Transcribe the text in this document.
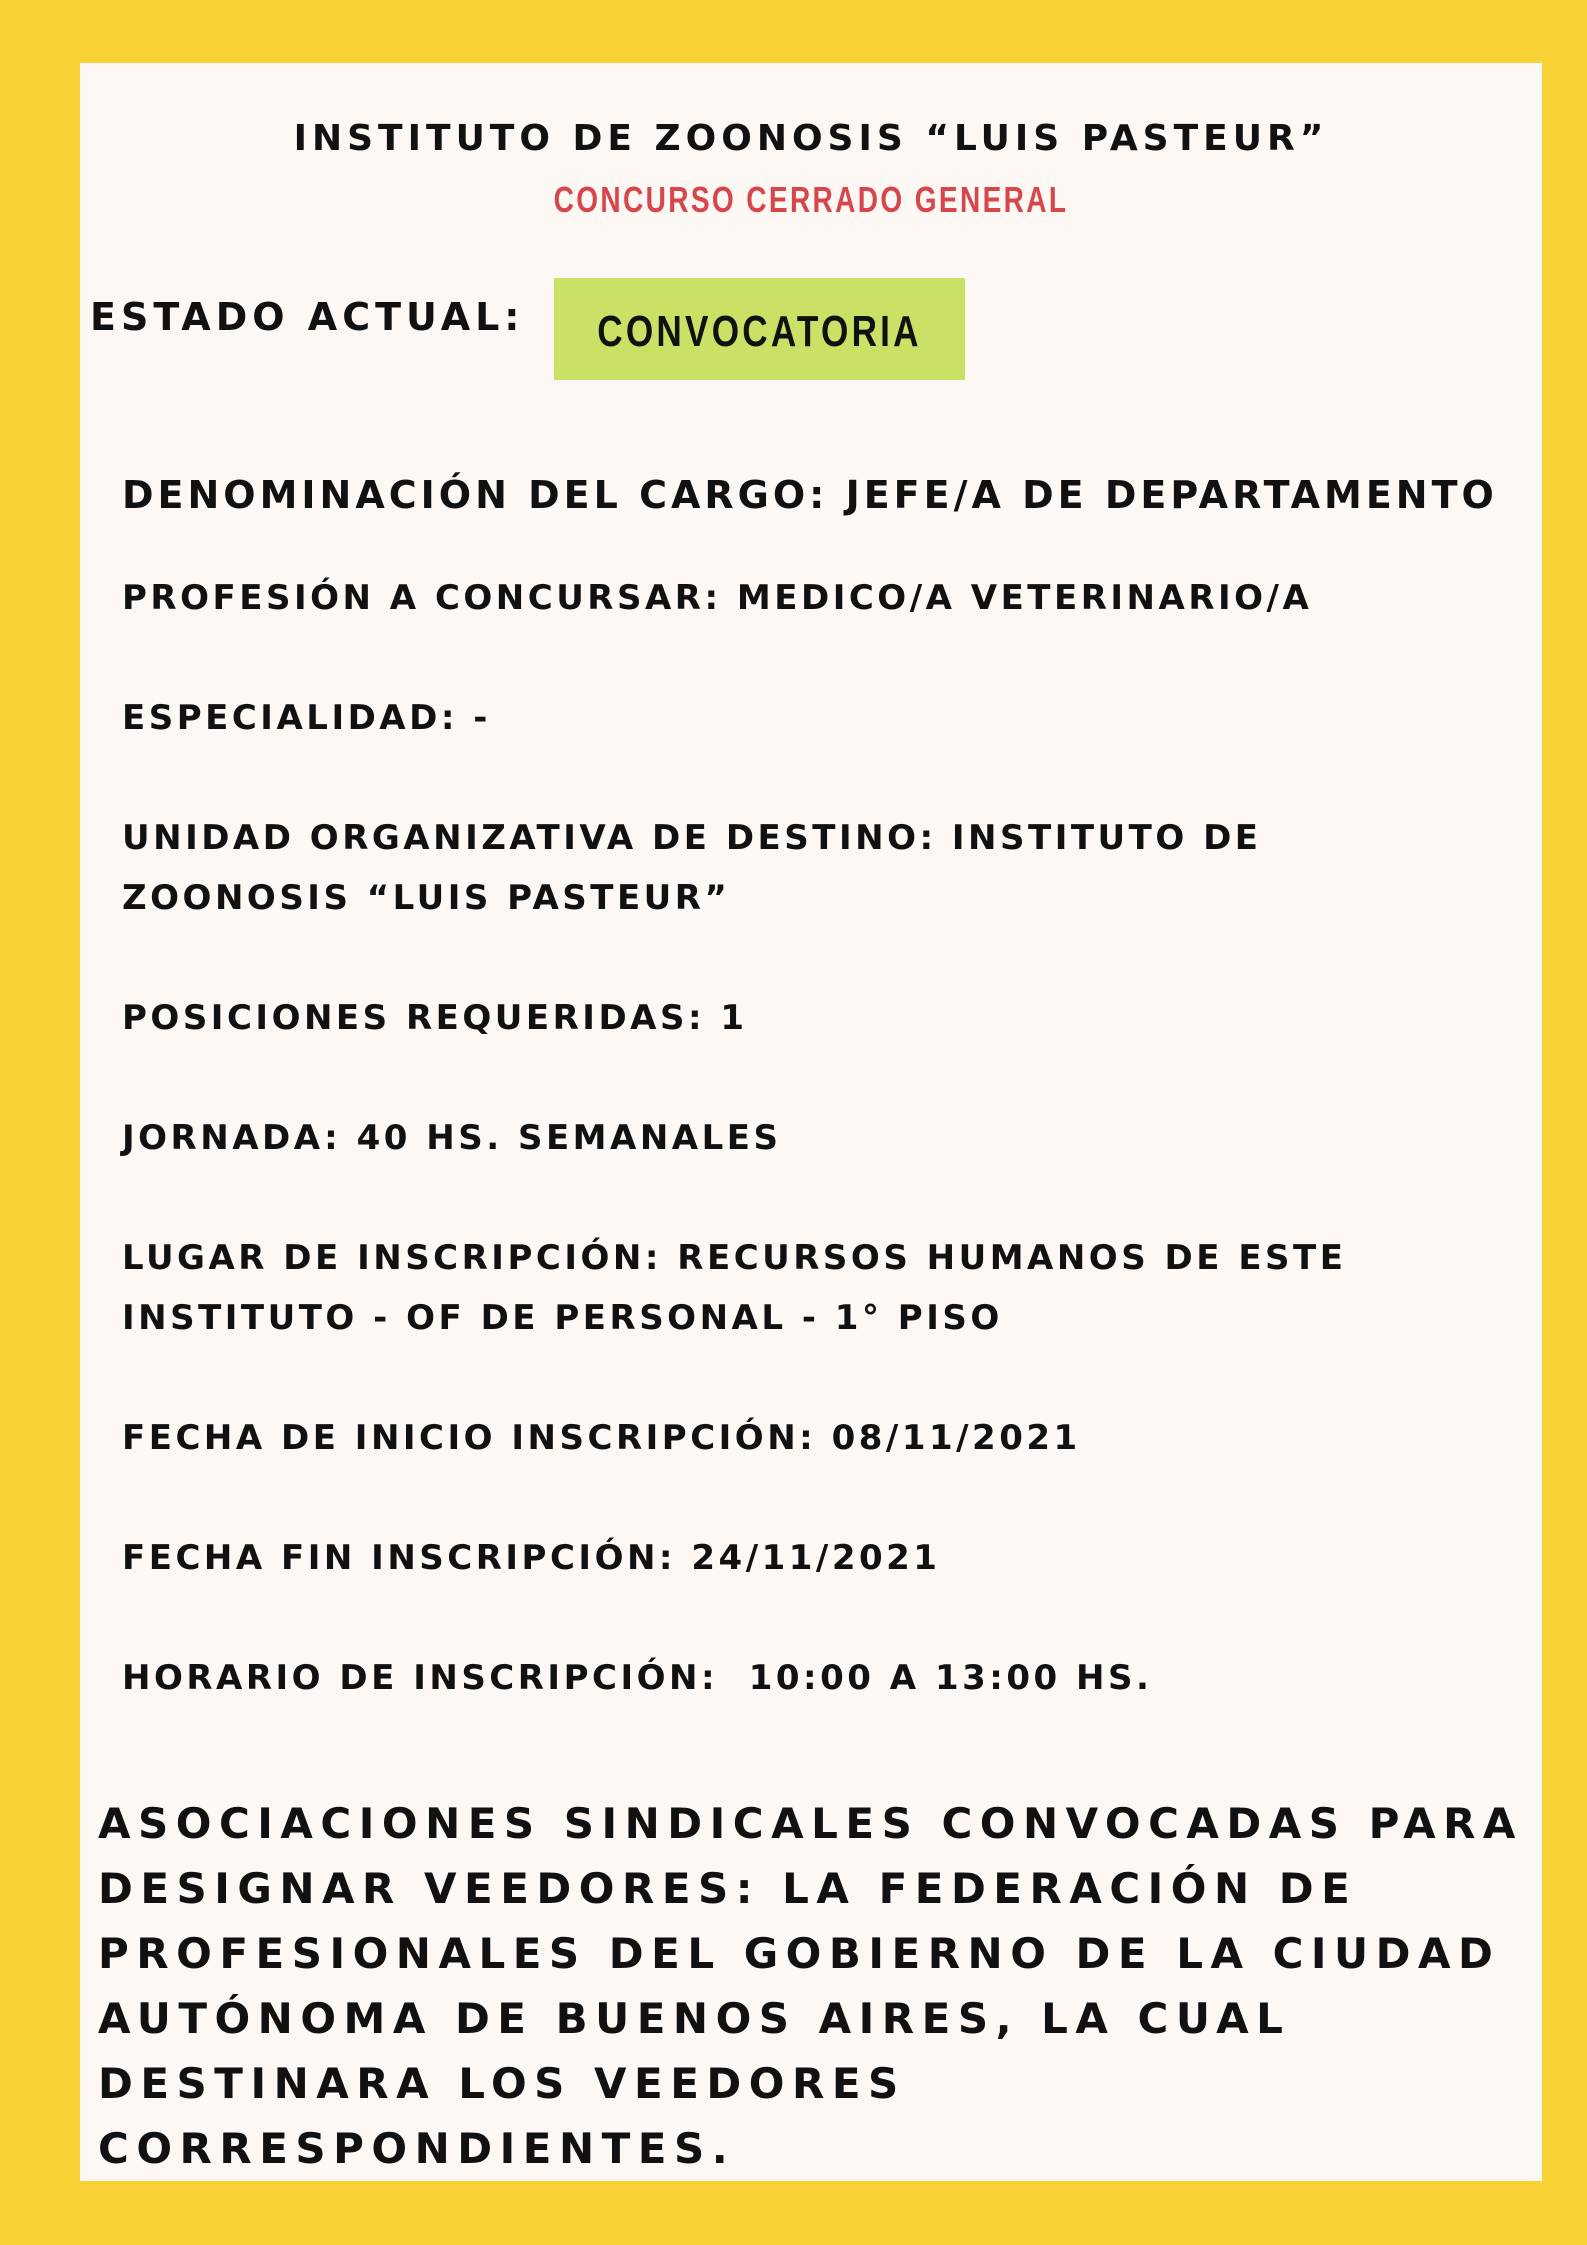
INSTITUTO DE ZOONOSIS “LUIS PASTEUR”
CONCURSO CERRADO GENERAL
ESTADO ACTUAL: CONVOCATORIA

DENOMINACIÓN DEL CARGO: JEFE/A DE DEPARTAMENTO

PROFESIÓN A CONCURSAR: MEDICO/A VETERINARIO/A

ESPECIALIDAD: -

UNIDAD ORGANIZATIVA DE DESTINO: INSTITUTO DE ZOONOSIS “LUIS PASTEUR”

POSICIONES REQUERIDAS: 1

JORNADA: 40 HS. SEMANALES

LUGAR DE INSCRIPCIÓN: RECURSOS HUMANOS DE ESTE INSTITUTO - OF DE PERSONAL - 1° PISO

FECHA DE INICIO INSCRIPCIÓN: 08/11/2021

FECHA FIN INSCRIPCIÓN: 24/11/2021

HORARIO DE INSCRIPCIÓN:  10:00 A 13:00 HS.

ASOCIACIONES SINDICALES CONVOCADAS PARA DESIGNAR VEEDORES: LA FEDERACIÓN DE PROFESIONALES DEL GOBIERNO DE LA CIUDAD AUTÓNOMA DE BUENOS AIRES, LA CUAL DESTINARA LOS VEEDORES CORRESPONDIENTES.
